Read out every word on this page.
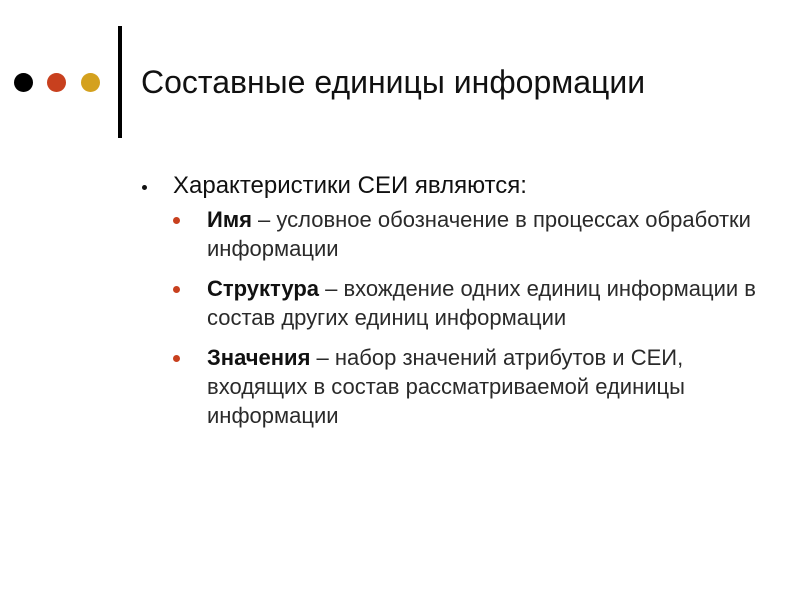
Составные единицы информации
Характеристики СЕИ являются:
Имя – условное обозначение в процессах обработки информации
Структура – вхождение одних единиц информации в состав других единиц информации
Значения – набор значений атрибутов и СЕИ, входящих в состав рассматриваемой единицы информации
